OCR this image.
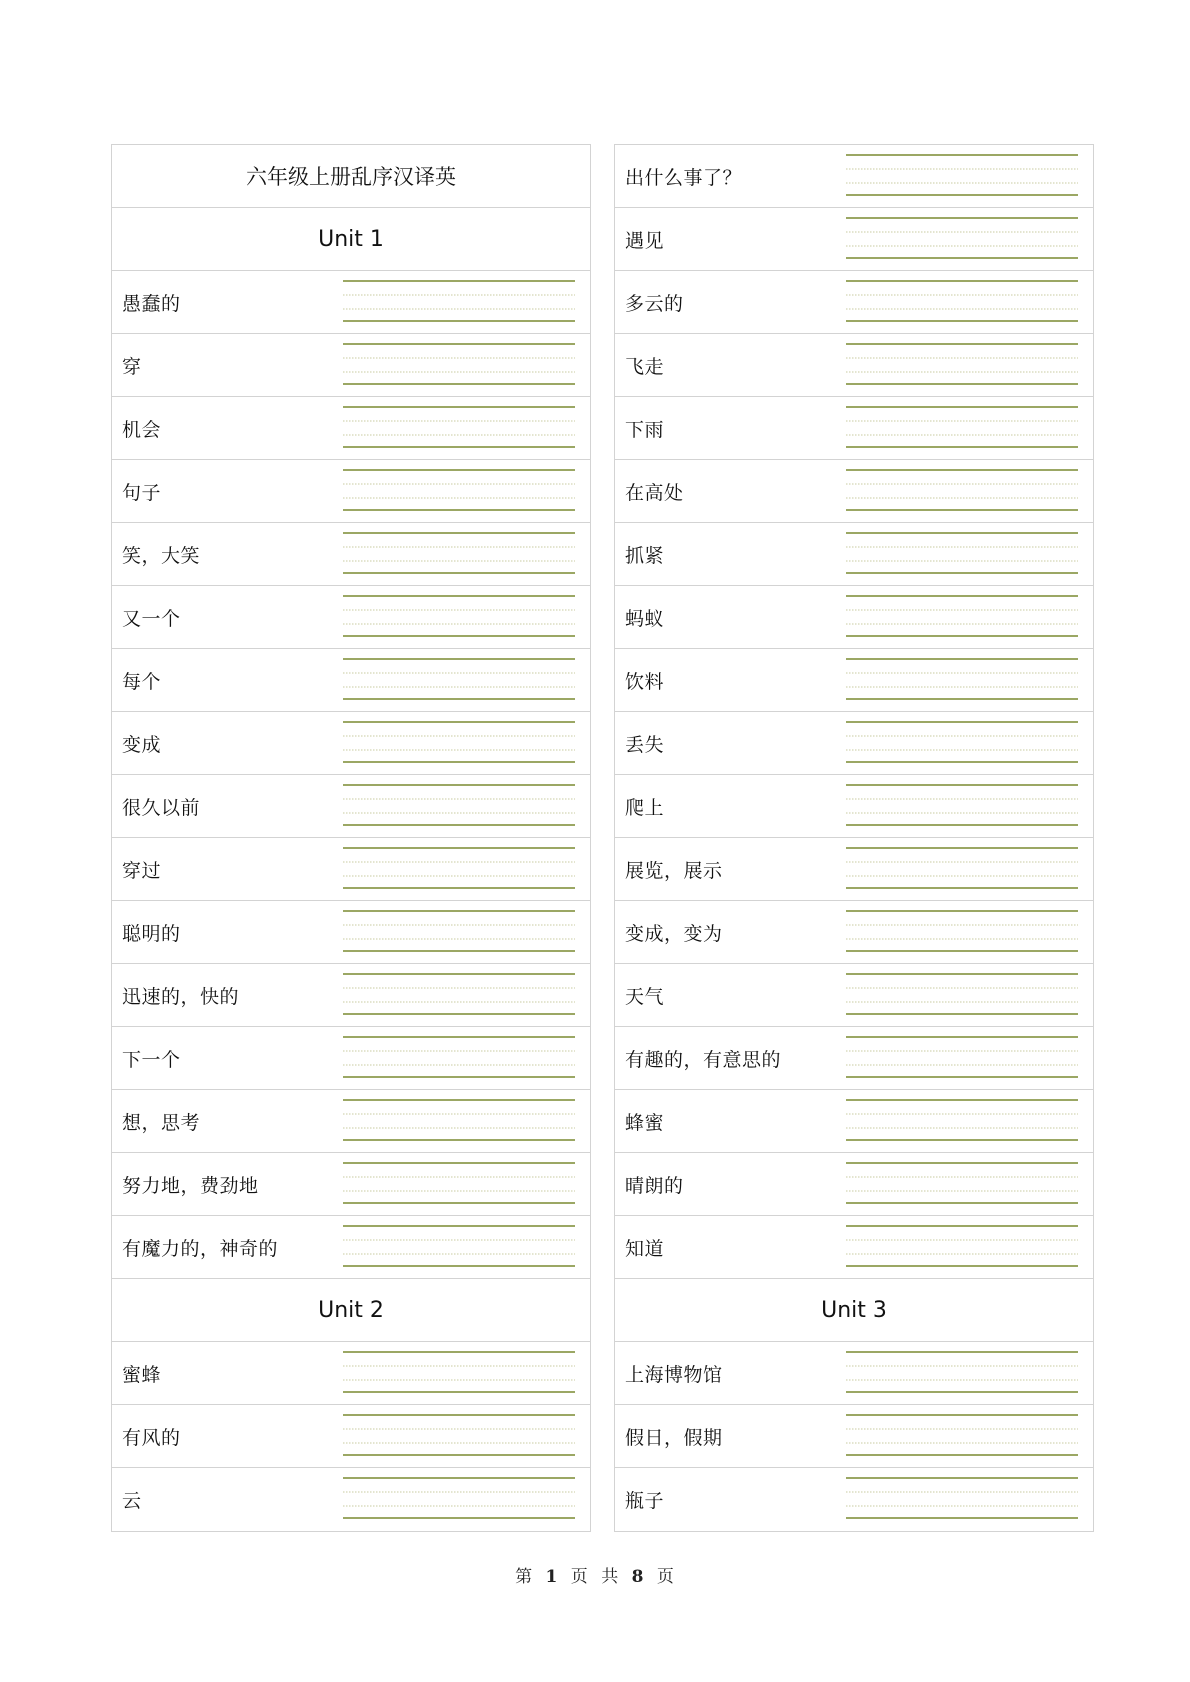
六年级上册乱序汉译英
Unit 1
愚蠢的
穿
机会
句子
笑，大笑
又一个
每个
变成
很久以前
穿过
聪明的
迅速的，快的
下一个
想，思考
努力地，费劲地
有魔力的，神奇的
Unit 2
蜜蜂
有风的
云
出什么事了？
遇见
多云的
飞走
下雨
在高处
抓紧
蚂蚁
饮料
丢失
爬上
展览，展示
变成，变为
天气
有趣的，有意思的
蜂蜜
晴朗的
知道
Unit 3
上海博物馆
假日，假期
瓶子
第 1 页 共 8 页
